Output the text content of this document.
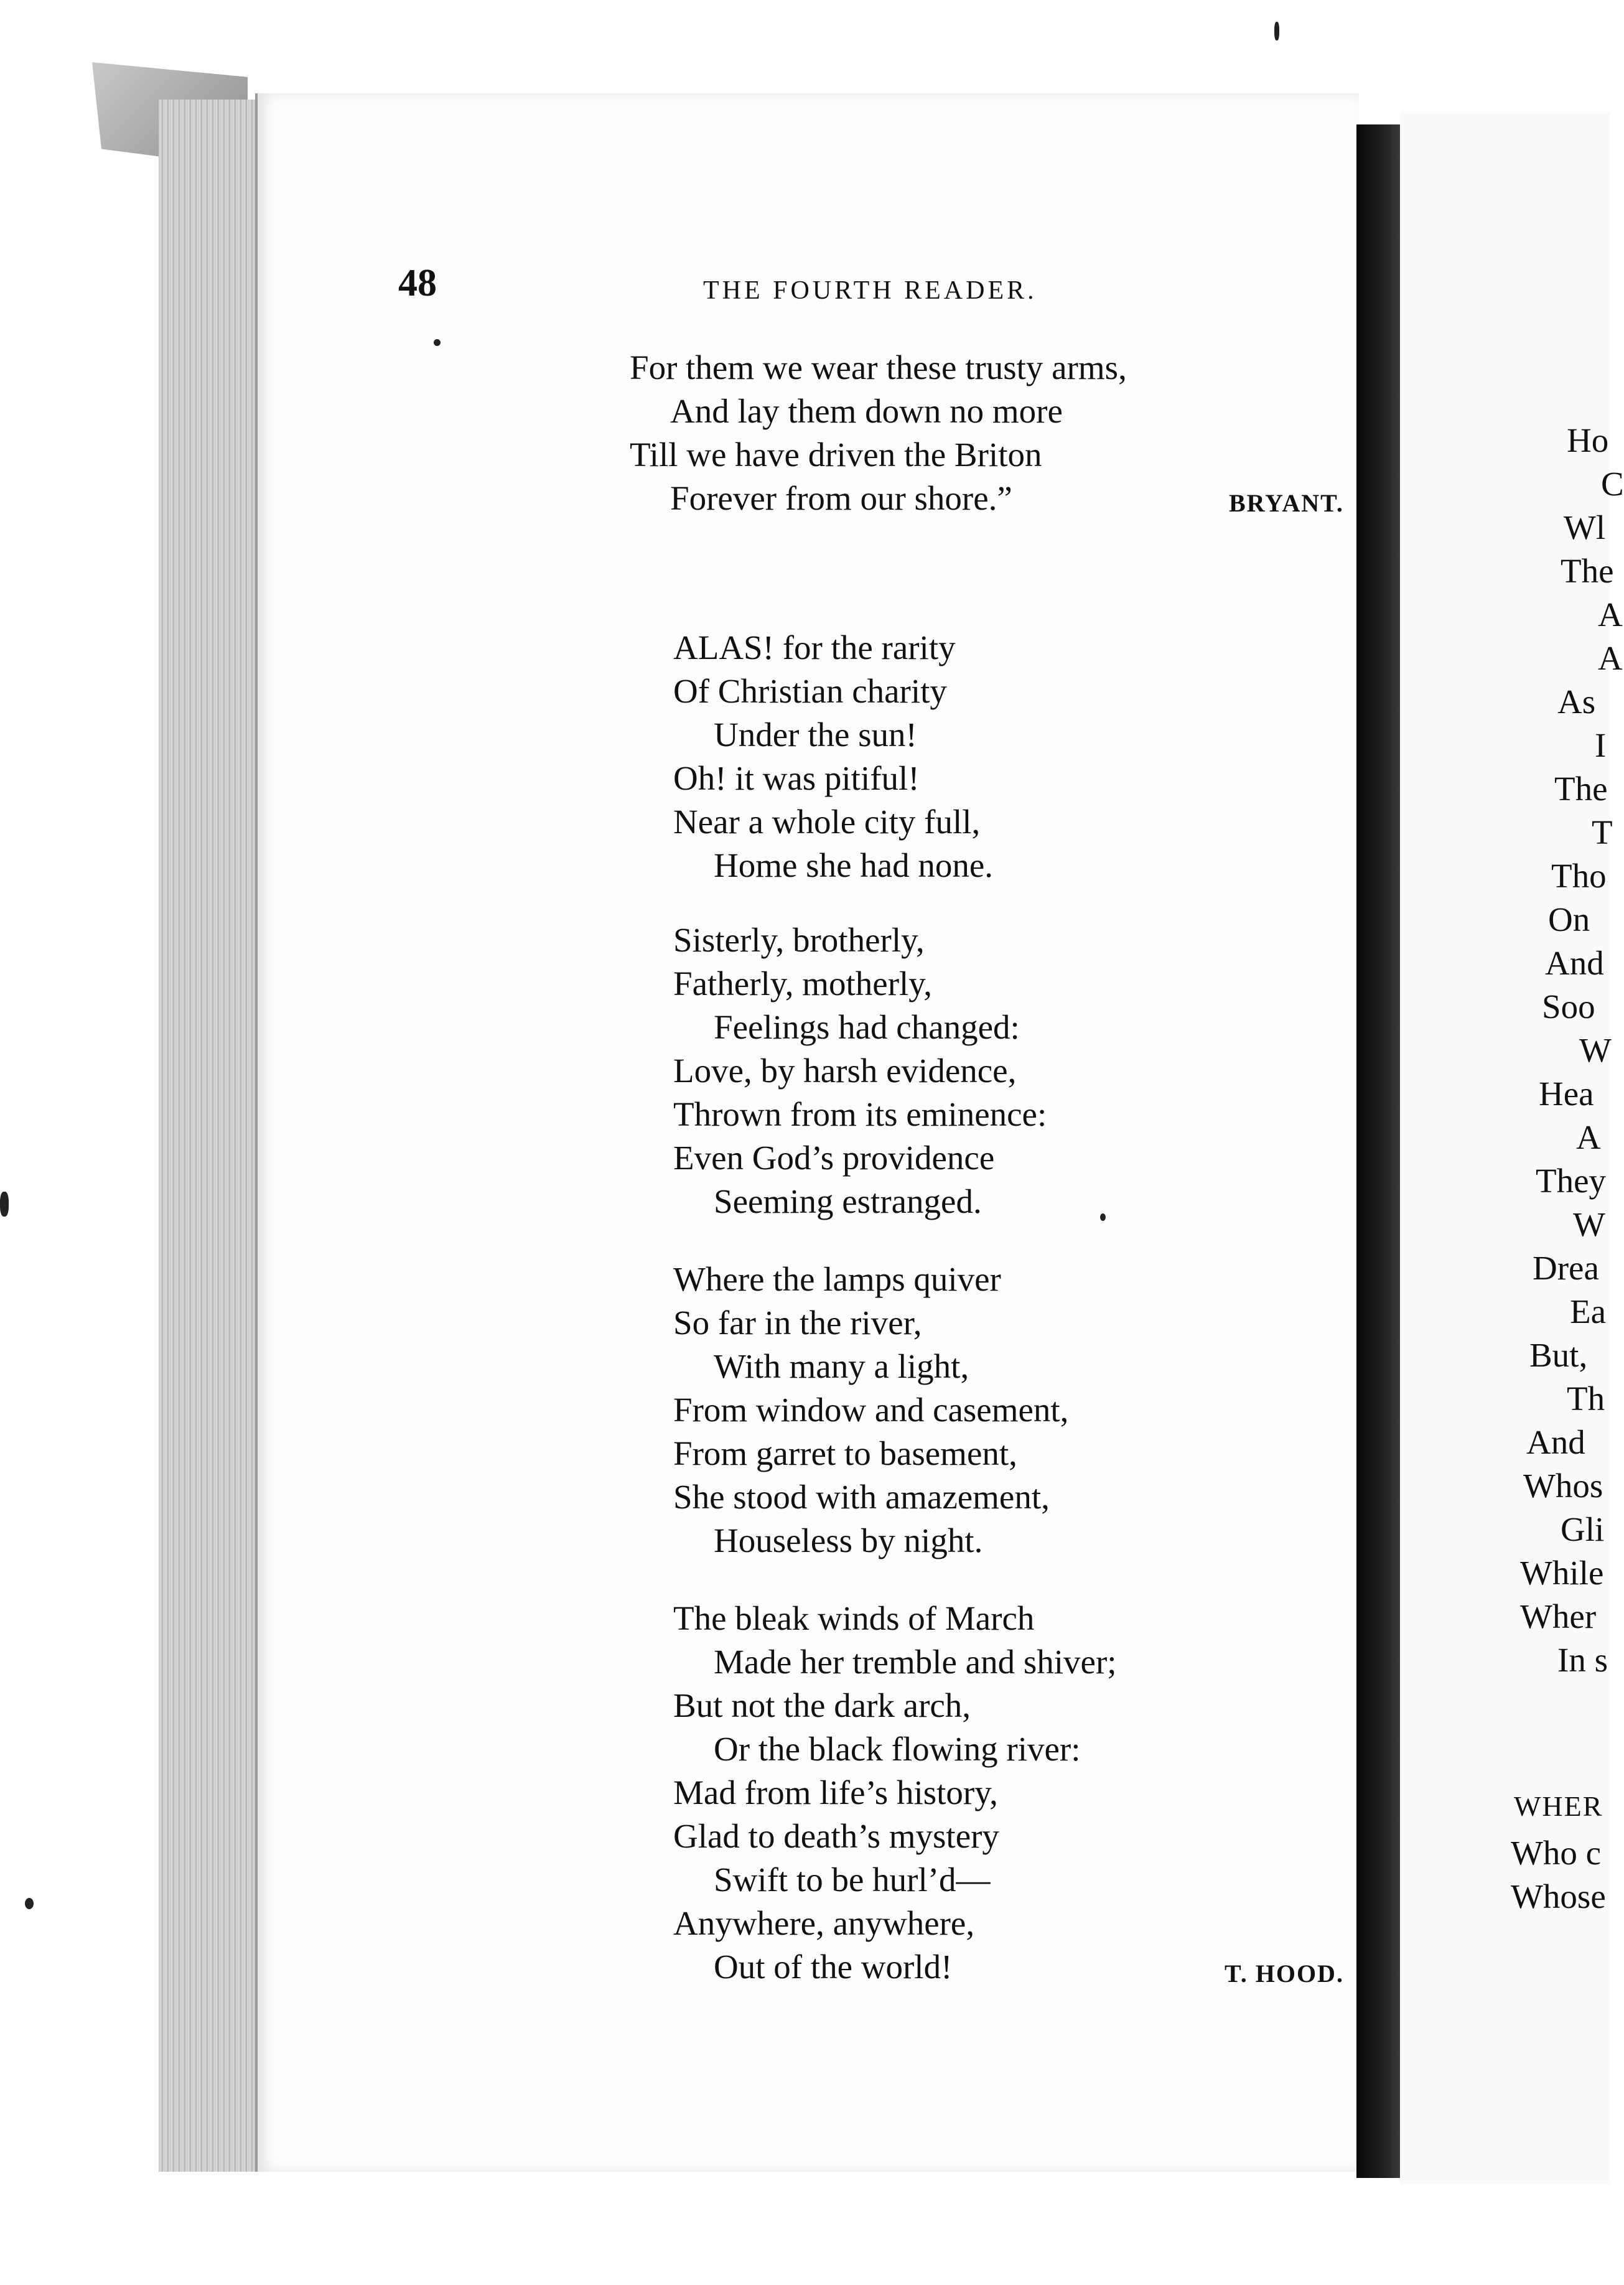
48	THE FOURTH READER.
For them we wear these trusty arms,
And lay them down no more
Till we have driven the Briton
Forever from our shore.”	BRYANT.
ALAS! for the rarity
Of Christian charity
Under the sun!
Oh! it was pitiful!
Near a whole city full,
Home she had none.
Sisterly, brotherly,
Fatherly, motherly,
Feelings had changed:
Love, by harsh evidence,
Thrown from its eminence:
Even God’s providence
Seeming estranged.
Where the lamps quiver
So far in the river,
With many a light,
From window and casement,
From garret to basement,
She stood with amazement,
Houseless by night.
The bleak winds of March
Made her tremble and shiver;
But not the dark arch,
Or the black flowing river:
Mad from life’s history,
Glad to death’s mystery
Swift to be hurl’d—
Anywhere, anywhere,
Out of the world!	T. HOOD.
Ho
C
Wl
The
A
A
As
I
The
T
Tho
On
And
Soo
W
Hea
A
They
W
Drea
Ea
But,
Th
And
Whos
Gli
While
Wher
In s
WHER
Who c
Whose
